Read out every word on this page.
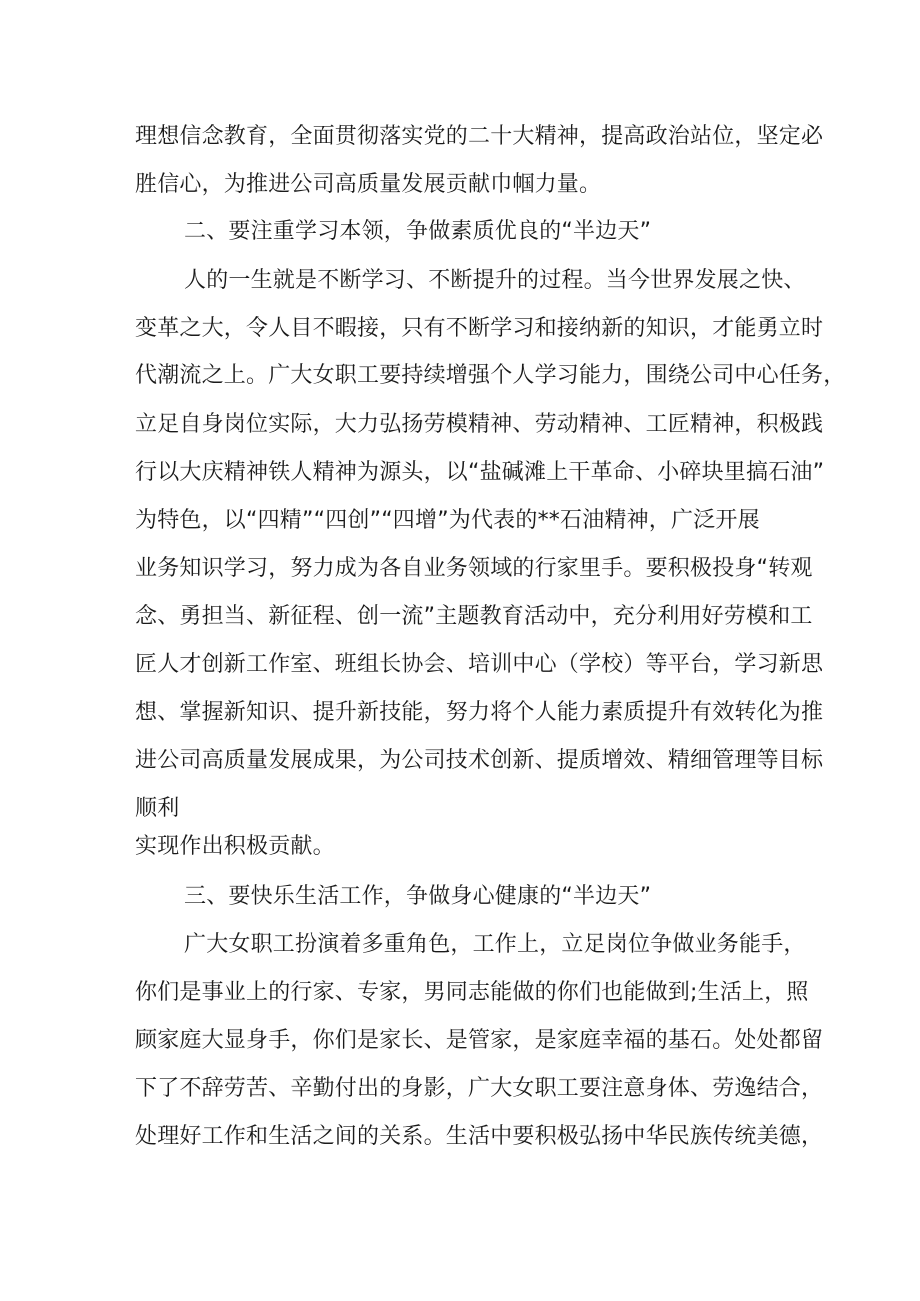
理想信念教育，全面贯彻落实党的二十大精神，提高政治站位，坚定必
胜信心，为推进公司高质量发展贡献巾帼力量。
二、要注重学习本领，争做素质优良的“半边天”
人的一生就是不断学习、不断提升的过程。当今世界发展之快、
变革之大，令人目不暇接，只有不断学习和接纳新的知识，才能勇立时
代潮流之上。广大女职工要持续增强个人学习能力，围绕公司中心任务，
立足自身岗位实际，大力弘扬劳模精神、劳动精神、工匠精神，积极践
行以大庆精神铁人精神为源头，以“盐碱滩上干革命、小碎块里搞石油”
为特色，以“四精”“四创”“四增”为代表的**石油精神，广泛开展
业务知识学习，努力成为各自业务领域的行家里手。要积极投身“转观
念、勇担当、新征程、创一流”主题教育活动中，充分利用好劳模和工
匠人才创新工作室、班组长协会、培训中心（学校）等平台，学习新思
想、掌握新知识、提升新技能，努力将个人能力素质提升有效转化为推
进公司高质量发展成果，为公司技术创新、提质增效、精细管理等目标
顺利
实现作出积极贡献。
三、要快乐生活工作，争做身心健康的“半边天”
广大女职工扮演着多重角色，工作上，立足岗位争做业务能手，
你们是事业上的行家、专家，男同志能做的你们也能做到;生活上，照
顾家庭大显身手，你们是家长、是管家，是家庭幸福的基石。处处都留
下了不辞劳苦、辛勤付出的身影，广大女职工要注意身体、劳逸结合，
处理好工作和生活之间的关系。生活中要积极弘扬中华民族传统美德，
